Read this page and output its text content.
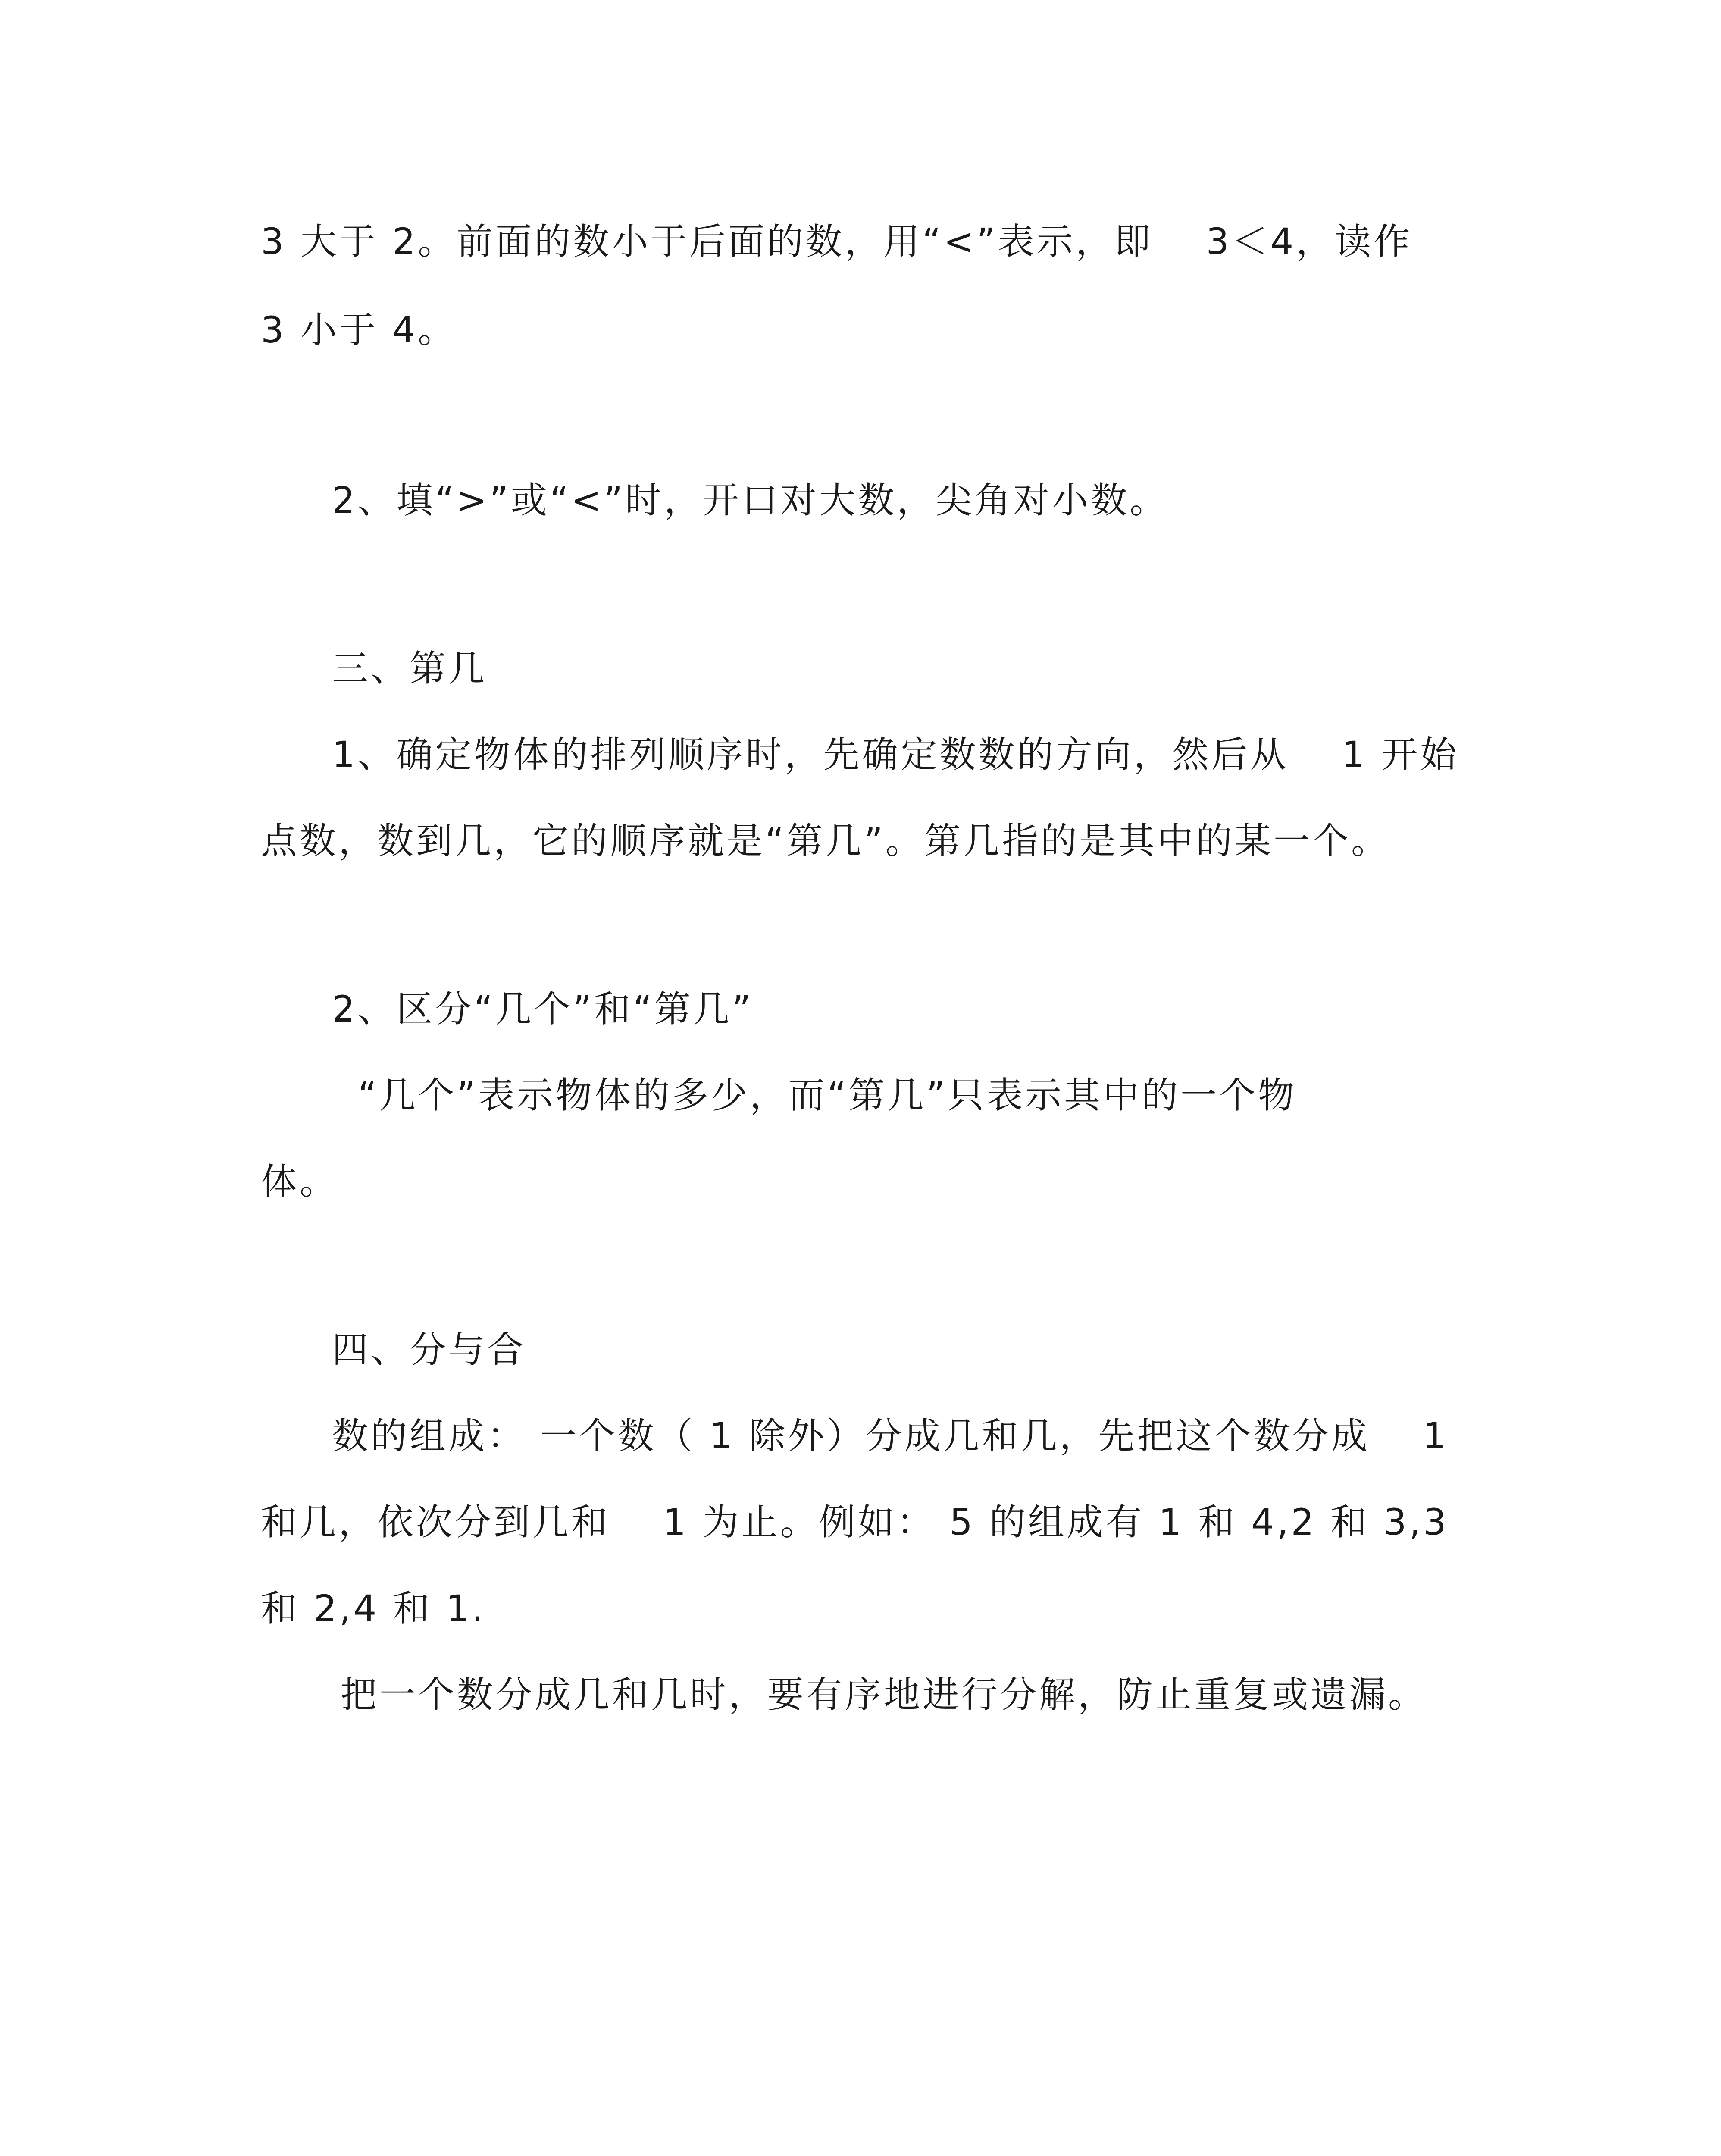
3 大于 2。前面的数小于后面的数，用“<”表示，即　 3＜4，读作
3 小于 4。
2、填“>”或“<”时，开口对大数，尖角对小数。
三、第几
1、确定物体的排列顺序时，先确定数数的方向，然后从　 1 开始
点数，数到几，它的顺序就是“第几”。第几指的是其中的某一个。
2、区分“几个”和“第几”
“几个”表示物体的多少，而“第几”只表示其中的一个物
体。
四、分与合
数的组成： 一个数（ 1 除外）分成几和几，先把这个数分成　 1
和几，依次分到几和　 1 为止。例如： 5 的组成有 1 和 4,2 和 3,3
和 2,4 和 1.
把一个数分成几和几时，要有序地进行分解，防止重复或遗漏。
